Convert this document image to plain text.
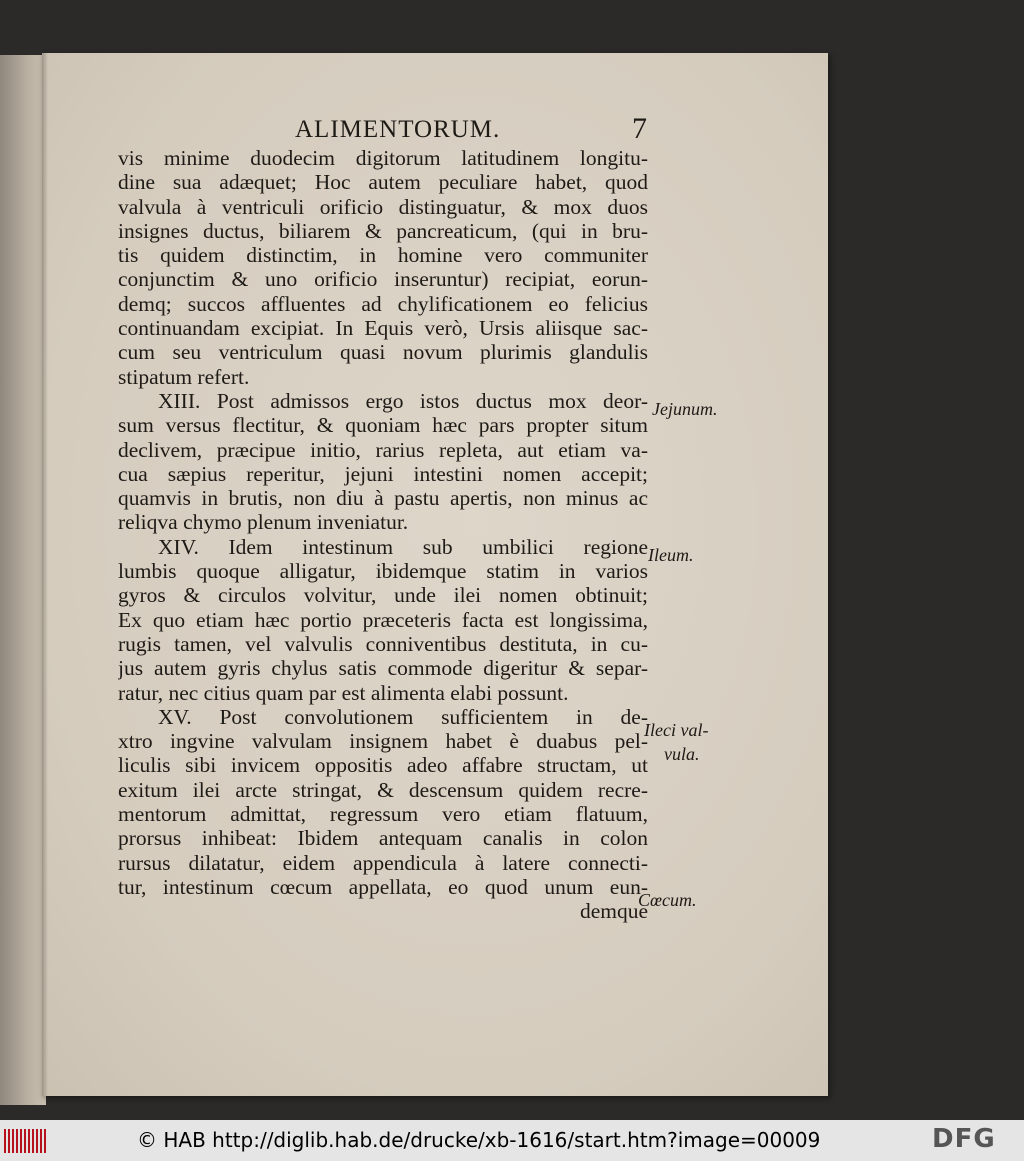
ALIMENTORUM.	7
vis minime duodecim digitorum latitudinem longitu-
dine sua adæquet; Hoc autem peculiare habet, quod
valvula à ventriculi orificio distinguatur, & mox duos
insignes ductus, biliarem & pancreaticum, (qui in bru-
tis quidem distinctim, in homine vero communiter
conjunctim & uno orificio inseruntur) recipiat, eorun-
demq; succos affluentes ad chylificationem eo felicius
continuandam excipiat. In Equis verò, Ursis aliisque sac-
cum seu ventriculum quasi novum plurimis glandulis
stipatum refert.
XIII. Post admissos ergo istos ductus mox deor-
sum versus flectitur, & quoniam hæc pars propter situm
declivem, præcipue initio, rarius repleta, aut etiam va-
cua sæpius reperitur, jejuni intestini nomen accepit;
quamvis in brutis, non diu à pastu apertis, non minus ac
reliqva chymo plenum inveniatur.
XIV. Idem intestinum sub umbilici regione
lumbis quoque alligatur, ibidemque statim in varios
gyros & circulos volvitur, unde ilei nomen obtinuit;
Ex quo etiam hæc portio præceteris facta est longissima,
rugis tamen, vel valvulis conniventibus destituta, in cu-
jus autem gyris chylus satis commode digeritur & separ-
ratur, nec citius quam par est alimenta elabi possunt.
XV. Post convolutionem sufficientem in de-
xtro ingvine valvulam insignem habet è duabus pel-
liculis sibi invicem oppositis adeo affabre structam, ut
exitum ilei arcte stringat, & descensum quidem recre-
mentorum admittat, regressum vero etiam flatuum,
prorsus inhibeat: Ibidem antequam canalis in colon
rursus dilatatur, eidem appendicula à latere connecti-
tur, intestinum cœcum appellata, eo quod unum eun-
demque
Jejunum.
Ileum.
Ileci val-
vula.
Cœcum.
© HAB http://diglib.hab.de/drucke/xb-1616/start.htm?image=00009	DFG
